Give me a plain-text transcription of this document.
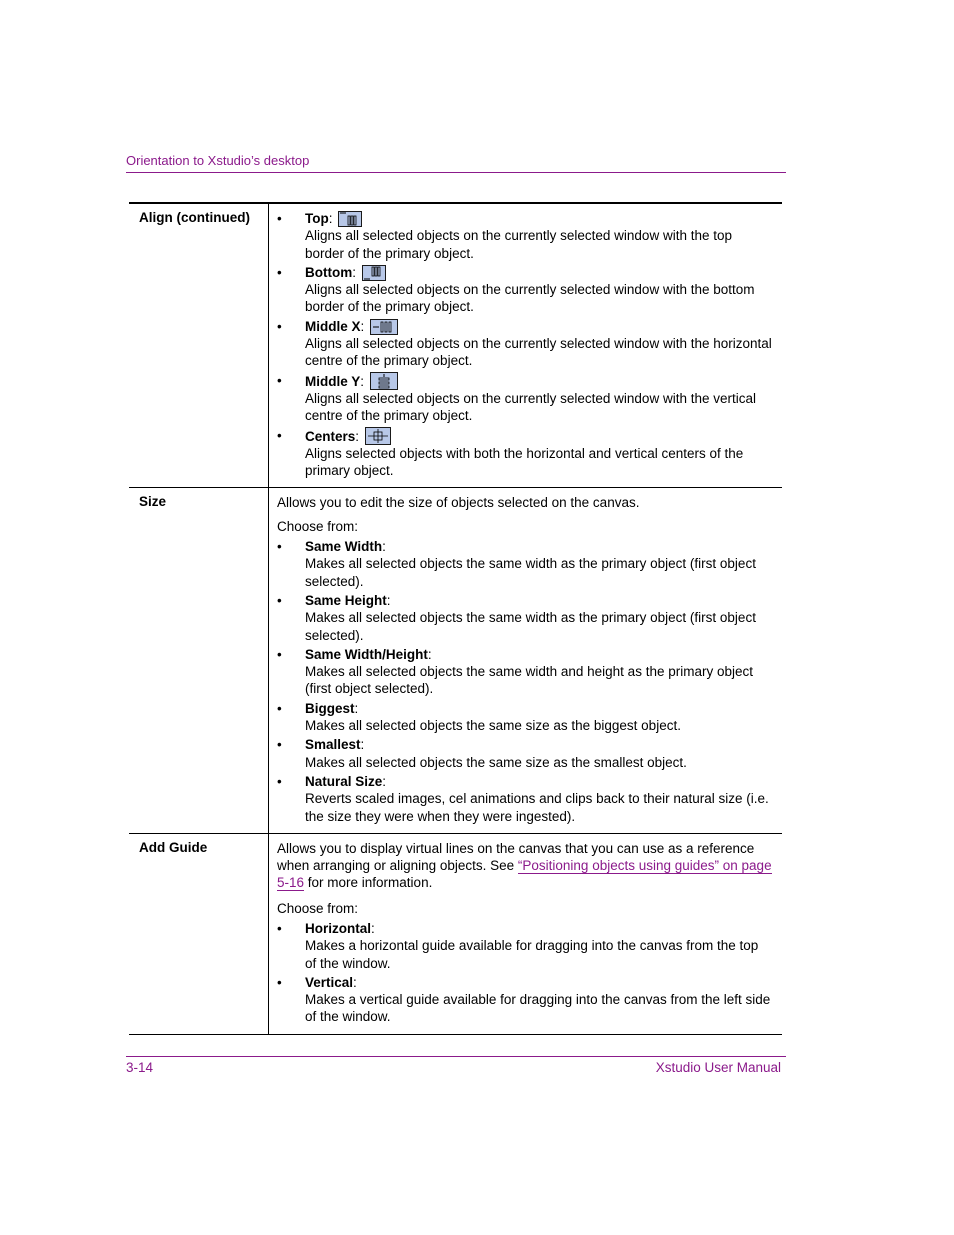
Orientation to Xstudio’s desktop
Align (continued)	• Top:

Aligns all selected objects on the currently selected window with the top border of the primary object.
• Bottom:

Aligns all selected objects on the currently selected window with the bottom border of the primary object.
• Middle X:

Aligns all selected objects on the currently selected window with the horizontal centre of the primary object.
• Middle Y:

Aligns all selected objects on the currently selected window with the vertical centre of the primary object.
• Centers:

Aligns selected objects with both the horizontal and vertical centers of the primary object.
Size	Allows you to edit the size of objects selected on the canvas.

Choose from:

• Same Width:
Makes all selected objects the same width as the primary object (first object selected).
• Same Height:
Makes all selected objects the same width as the primary object (first object selected).
• Same Width/Height:
Makes all selected objects the same width and height as the primary object (first object selected).
• Biggest:
Makes all selected objects the same size as the biggest object.
• Smallest:
Makes all selected objects the same size as the smallest object.
• Natural Size:
Reverts scaled images, cel animations and clips back to their natural size (i.e. the size they were when they were ingested).
Add Guide	Allows you to display virtual lines on the canvas that you can use as a reference when arranging or aligning objects. See “Positioning objects using guides” on page 5-16 for more information.

Choose from:

• Horizontal:
Makes a horizontal guide available for dragging into the canvas from the top of the window.
• Vertical:
Makes a vertical guide available for dragging into the canvas from the left side of the window.
3-14	Xstudio User Manual
